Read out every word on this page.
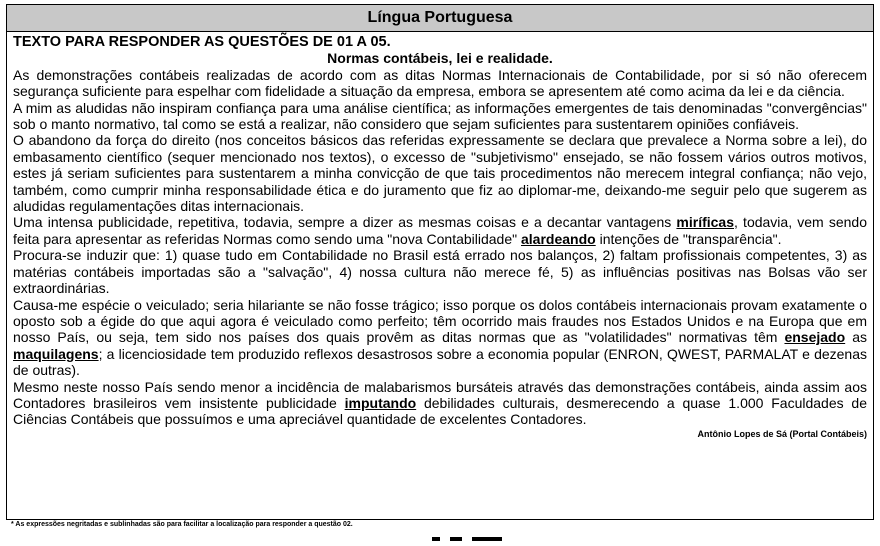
Língua Portuguesa
TEXTO PARA RESPONDER AS QUESTÕES DE 01 A 05.
Normas contábeis, lei e realidade.

As demonstrações contábeis realizadas de acordo com as ditas Normas Internacionais de Contabilidade, por si só não oferecem segurança suficiente para espelhar com fidelidade a situação da empresa, embora se apresentem até como acima da lei e da ciência.

A mim as aludidas não inspiram confiança para uma análise científica; as informações emergentes de tais denominadas "convergências" sob o manto normativo, tal como se está a realizar, não considero que sejam suficientes para sustentarem opiniões confiáveis.

O abandono da força do direito (nos conceitos básicos das referidas expressamente se declara que prevalece a Norma sobre a lei), do embasamento científico (sequer mencionado nos textos), o excesso de "subjetivismo" ensejado, se não fossem vários outros motivos, estes já seriam suficientes para sustentarem a minha convicção de que tais procedimentos não merecem integral confiança; não vejo, também, como cumprir minha responsabilidade ética e do juramento que fiz ao diplomar-me, deixando-me seguir pelo que sugerem as aludidas regulamentações ditas internacionais.

Uma intensa publicidade, repetitiva, todavia, sempre a dizer as mesmas coisas e a decantar vantagens miríficas, todavia, vem sendo feita para apresentar as referidas Normas como sendo uma "nova Contabilidade" alardeando intenções de "transparência".

Procura-se induzir que: 1) quase tudo em Contabilidade no Brasil está errado nos balanços, 2) faltam profissionais competentes, 3) as matérias contábeis importadas são a "salvação", 4) nossa cultura não merece fé, 5) as influências positivas nas Bolsas vão ser extraordinárias.

Causa-me espécie o veiculado; seria hilariante se não fosse trágico; isso porque os dolos contábeis internacionais provam exatamente o oposto sob a égide do que aqui agora é veiculado como perfeito; têm ocorrido mais fraudes nos Estados Unidos e na Europa que em nosso País, ou seja, tem sido nos países dos quais provêm as ditas normas que as "volatilidades" normativas têm ensejado as maquilagens; a licenciosidade tem produzido reflexos desastrosos sobre a economia popular (ENRON, QWEST, PARMALAT e dezenas de outras).

Mesmo neste nosso País sendo menor a incidência de malabarismos bursáteis através das demonstrações contábeis, ainda assim aos Contadores brasileiros vem insistente publicidade imputando debilidades culturais, desmerecendo a quase 1.000 Faculdades de Ciências Contábeis que possuímos e uma apreciável quantidade de excelentes Contadores.

Antônio Lopes de Sá (Portal Contábeis)
* As expressões negritadas e sublinhadas são para facilitar a localização para responder a questão 02.
